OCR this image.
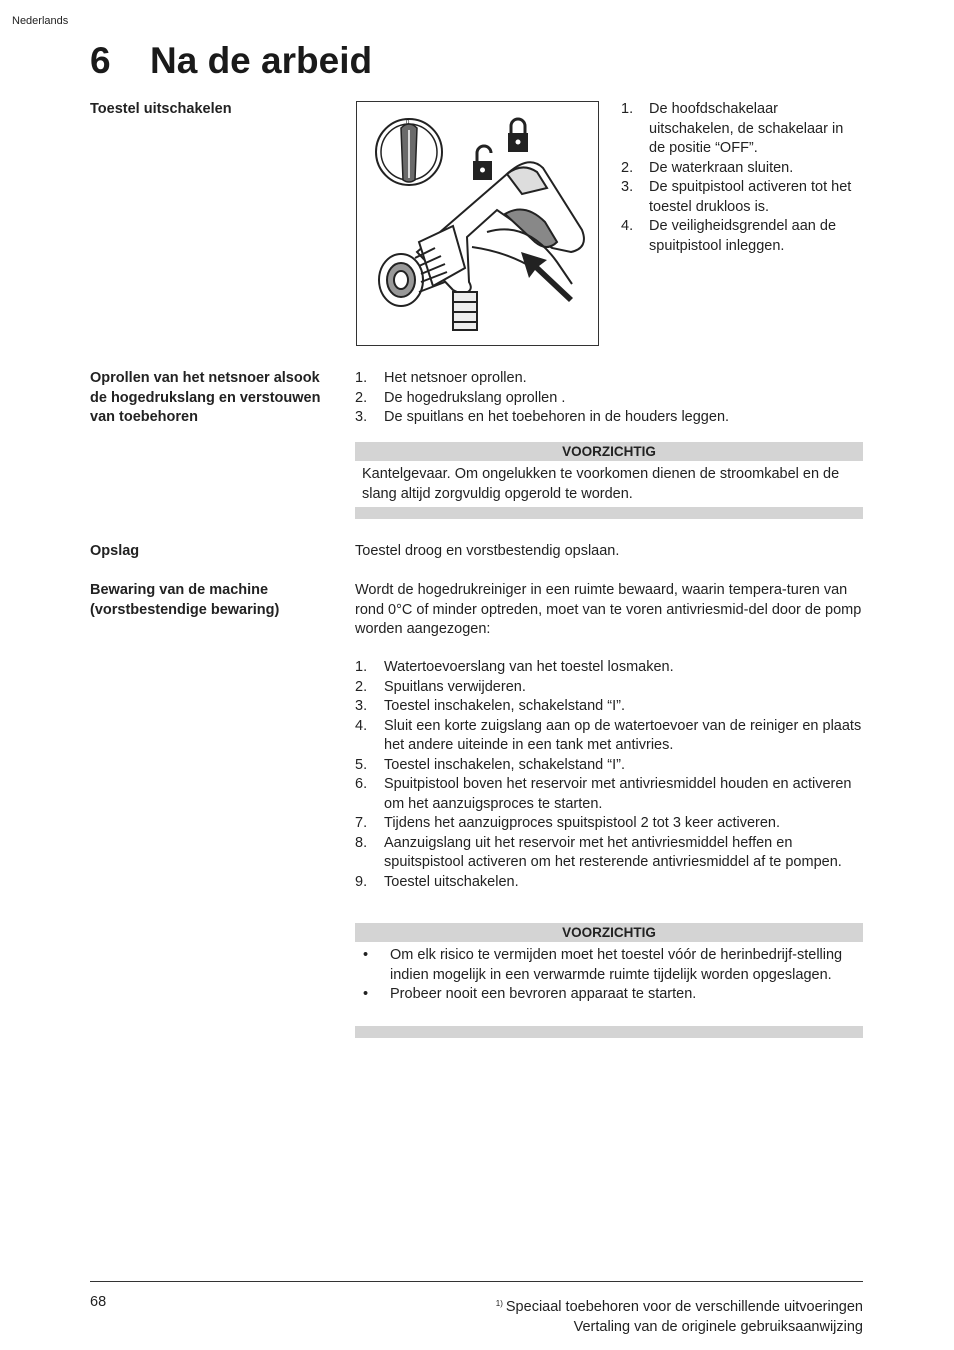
Nederlands
6 Na de arbeid
Toestel uitschakelen
0
1. De hoofdschakelaar uitschakelen, de schakelaar in de positie “OFF”.
2. De waterkraan sluiten.
3. De spuitpistool activeren tot het toestel drukloos is.
4. De veiligheidsgrendel aan de spuitpistool inleggen.
Oprollen van het netsnoer alsook de hogedrukslang en verstouwen van toebehoren
1. Het netsnoer oprollen.
2. De hogedrukslang oprollen .
3. De spuitlans en het toebehoren in de houders leggen.
VOORZICHTIG
Kantelgevaar. Om ongelukken te voorkomen dienen de stroomkabel en de slang altijd zorgvuldig opgerold te worden.
Opslag	Toestel droog en vorstbestendig opslaan.
Bewaring van de machine (vorstbestendige bewaring)
Wordt de hogedrukreiniger in een ruimte bewaard, waarin tempera-turen van rond 0°C of minder optreden, moet van te voren antivriesmid-del door de pomp worden aangezogen:
1. Watertoevoerslang van het toestel losmaken.
2. Spuitlans verwijderen.
3. Toestel inschakelen, schakelstand “I”.
4. Sluit een korte zuigslang aan op de watertoevoer van de reiniger en plaats het andere uiteinde in een tank met antivries.
5. Toestel inschakelen, schakelstand “I”.
6. Spuitpistool boven het reservoir met antivriesmiddel houden en activeren om het aanzuigsproces te starten.
7. Tijdens het aanzuigproces spuitspistool 2 tot 3 keer activeren.
8. Aanzuigslang uit het reservoir met het antivriesmiddel heffen en spuitspistool activeren om het resterende antivriesmiddel af te pompen.
9. Toestel uitschakelen.
VOORZICHTIG
• Om elk risico te vermijden moet het toestel vóór de herinbedrijf-stelling indien mogelijk in een verwarmde ruimte tijdelijk worden opgeslagen.
• Probeer nooit een bevroren apparaat te starten.
68	$^{1)}$ Speciaal toebehoren voor de verschillende uitvoeringen
Vertaling van de originele gebruiksaanwijzing
